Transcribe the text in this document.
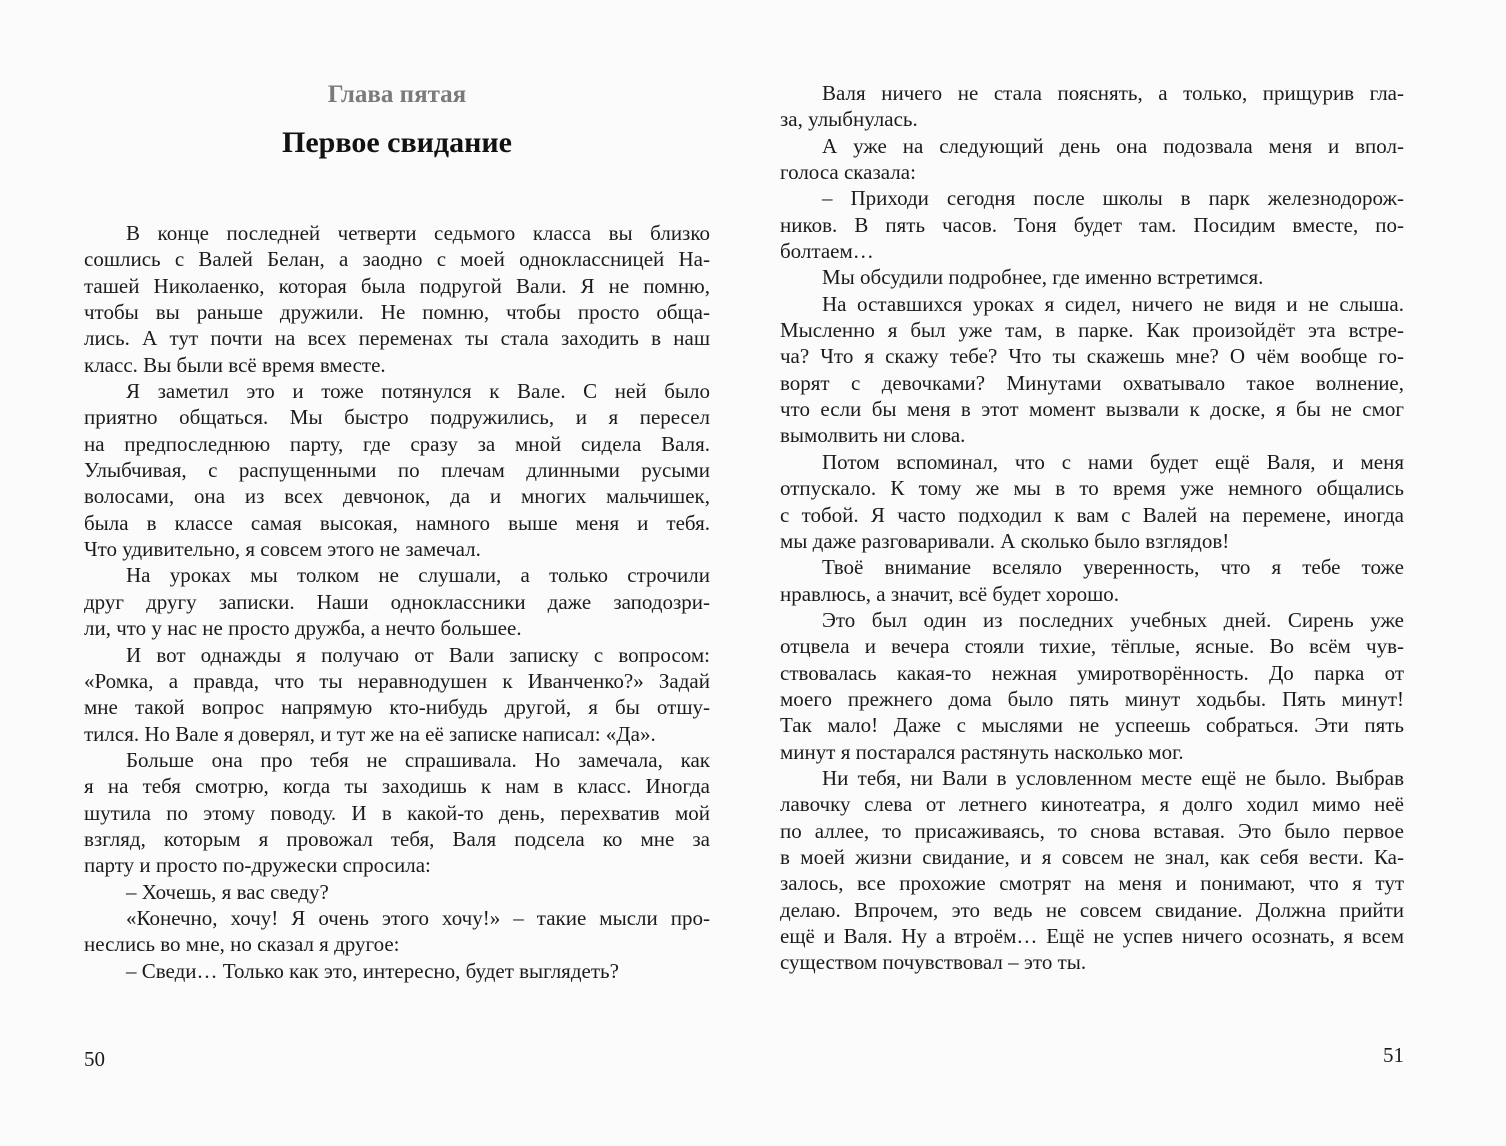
Глава пятая
Первое свидание
В конце последней четверти седьмого класса вы близко
сошлись с Валей Белан, а заодно с моей одноклассницей На-
ташей Николаенко, которая была подругой Вали. Я не помню,
чтобы вы раньше дружили. Не помню, чтобы просто обща-
лись. А тут почти на всех переменах ты стала заходить в наш
класс. Вы были всё время вместе.
Я заметил это и тоже потянулся к Вале. С ней было
приятно общаться. Мы быстро подружились, и я пересел
на предпоследнюю парту, где сразу за мной сидела Валя.
Улыбчивая, с распущенными по плечам длинными русыми
волосами, она из всех девчонок, да и многих мальчишек,
была в классе самая высокая, намного выше меня и тебя.
Что удивительно, я совсем этого не замечал.
На уроках мы толком не слушали, а только строчили
друг другу записки. Наши одноклассники даже заподозри-
ли, что у нас не просто дружба, а нечто большее.
И вот однажды я получаю от Вали записку с вопросом:
«Ромка, а правда, что ты неравнодушен к Иванченко?» Задай
мне такой вопрос напрямую кто-нибудь другой, я бы отшу-
тился. Но Вале я доверял, и тут же на её записке написал: «Да».
Больше она про тебя не спрашивала. Но замечала, как
я на тебя смотрю, когда ты заходишь к нам в класс. Иногда
шутила по этому поводу. И в какой-то день, перехватив мой
взгляд, которым я провожал тебя, Валя подсела ко мне за
парту и просто по-дружески спросила:
– Хочешь, я вас сведу?
«Конечно, хочу! Я очень этого хочу!» – такие мысли про-
неслись во мне, но сказал я другое:
– Сведи… Только как это, интересно, будет выглядеть?
50
Валя ничего не стала пояснять, а только, прищурив гла-
за, улыбнулась.
А уже на следующий день она подозвала меня и впол-
голоса сказала:
– Приходи сегодня после школы в парк железнодорож-
ников. В пять часов. Тоня будет там. Посидим вместе, по-
болтаем…
Мы обсудили подробнее, где именно встретимся.
На оставшихся уроках я сидел, ничего не видя и не слыша.
Мысленно я был уже там, в парке. Как произойдёт эта встре-
ча? Что я скажу тебе? Что ты скажешь мне? О чём вообще го-
ворят с девочками? Минутами охватывало такое волнение,
что если бы меня в этот момент вызвали к доске, я бы не смог
вымолвить ни слова.
Потом вспоминал, что с нами будет ещё Валя, и меня
отпускало. К тому же мы в то время уже немного общались
с тобой. Я часто подходил к вам с Валей на перемене, иногда
мы даже разговаривали. А сколько было взглядов!
Твоё внимание вселяло уверенность, что я тебе тоже
нравлюсь, а значит, всё будет хорошо.
Это был один из последних учебных дней. Сирень уже
отцвела и вечера стояли тихие, тёплые, ясные. Во всём чув-
ствовалась какая-то нежная умиротворённость. До парка от
моего прежнего дома было пять минут ходьбы. Пять минут!
Так мало! Даже с мыслями не успеешь собраться. Эти пять
минут я постарался растянуть насколько мог.
Ни тебя, ни Вали в условленном месте ещё не было. Выбрав
лавочку слева от летнего кинотеатра, я долго ходил мимо неё
по аллее, то присаживаясь, то снова вставая. Это было первое
в моей жизни свидание, и я совсем не знал, как себя вести. Ка-
залось, все прохожие смотрят на меня и понимают, что я тут
делаю. Впрочем, это ведь не совсем свидание. Должна прийти
ещё и Валя. Ну а втроём… Ещё не успев ничего осознать, я всем
существом почувствовал – это ты.
51
